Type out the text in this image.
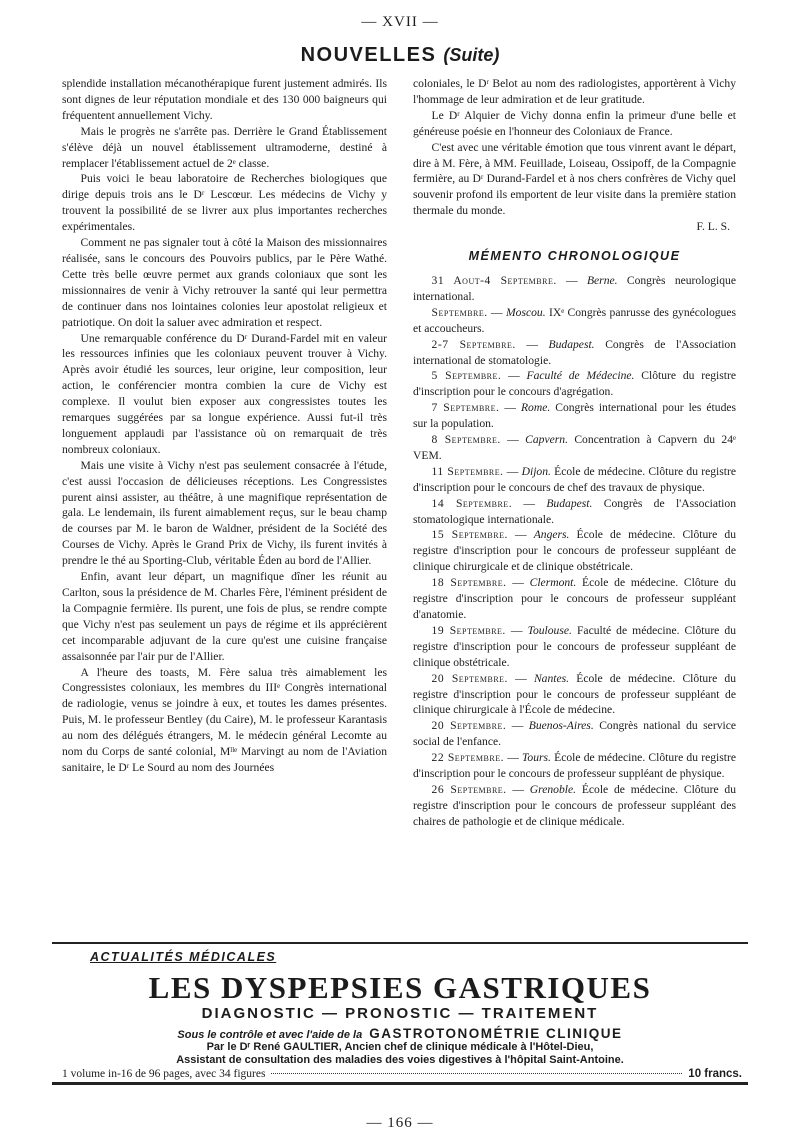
— XVII —
NOUVELLES (Suite)

splendide installation mécanothérapique furent justement admirés. Ils sont dignes de leur réputation mondiale et des 130 000 baigneurs qui fréquentent annuellement Vichy.

Mais le progrès ne s'arrête pas. Derrière le Grand Établissement s'élève déjà un nouvel établissement ultramoderne, destiné à remplacer l'établissement actuel de 2ᵉ classe.

Puis voici le beau laboratoire de Recherches biologiques que dirige depuis trois ans le Dʳ Lescœur. Les médecins de Vichy y trouvent la possibilité de se livrer aux plus importantes recherches expérimentales.

Comment ne pas signaler tout à côté la Maison des missionnaires réalisée, sans le concours des Pouvoirs publics, par le Père Wathé. Cette très belle œuvre permet aux grands coloniaux que sont les missionnaires de venir à Vichy retrouver la santé qui leur permettra de continuer dans nos lointaines colonies leur apostolat religieux et patriotique. On doit la saluer avec admiration et respect.

Une remarquable conférence du Dʳ Durand-Fardel mit en valeur les ressources infinies que les coloniaux peuvent trouver à Vichy. Après avoir étudié les sources, leur origine, leur composition, leur action, le conférencier montra combien la cure de Vichy est complexe. Il voulut bien exposer aux congressistes toutes les remarques suggérées par sa longue expérience. Aussi fut-il très longuement applaudi par l'assistance où on remarquait de très nombreux coloniaux.

Mais une visite à Vichy n'est pas seulement consacrée à l'étude, c'est aussi l'occasion de délicieuses réceptions. Les Congressistes purent ainsi assister, au théâtre, à une magnifique représentation de gala. Le lendemain, ils furent aimablement reçus, sur le beau champ de courses par M. le baron de Waldner, président de la Société des Courses de Vichy. Après le Grand Prix de Vichy, ils furent invités à prendre le thé au Sporting-Club, véritable Éden au bord de l'Allier.

Enfin, avant leur départ, un magnifique dîner les réunit au Carlton, sous la présidence de M. Charles Fère, l'éminent président de la Compagnie fermière. Ils purent, une fois de plus, se rendre compte que Vichy n'est pas seulement un pays de régime et ils apprécièrent cet incomparable adjuvant de la cure qu'est une cuisine française assaisonnée par l'air pur de l'Allier.

A l'heure des toasts, M. Fère salua très aimablement les Congressistes coloniaux, les membres du IIIᵉ Congrès international de radiologie, venus se joindre à eux, et toutes les dames présentes. Puis, M. le professeur Bentley (du Caire), M. le professeur Karantasis au nom des délégués étrangers, M. le médecin général Lecomte au nom du Corps de santé colonial, Mˡˡᵉ Marvingt au nom de l'Aviation sanitaire, le Dʳ Le Sourd au nom des Journées

coloniales, le Dʳ Belot au nom des radiologistes, apportèrent à Vichy l'hommage de leur admiration et de leur gratitude.

Le Dʳ Alquier de Vichy donna enfin la primeur d'une belle et généreuse poésie en l'honneur des Coloniaux de France.

C'est avec une véritable émotion que tous vinrent avant le départ, dire à M. Fère, à MM. Feuillade, Loiseau, Ossipoff, de la Compagnie fermière, au Dʳ Durand-Fardel et à nos chers confrères de Vichy quel souvenir profond ils emportent de leur visite dans la première station thermale du monde.
F. L. S.

MÉMENTO CHRONOLOGIQUE

31 Aout-4 Septembre. — Berne. Congrès neurologique international.

Septembre. — Moscou. IXᵉ Congrès panrusse des gynécologues et accoucheurs.

2-7 Septembre. — Budapest. Congrès de l'Association international de stomatologie.

5 Septembre. — Faculté de Médecine. Clôture du registre d'inscription pour le concours d'agrégation.

7 Septembre. — Rome. Congrès international pour les études sur la population.

8 Septembre. — Capvern. Concentration à Capvern du 24ᵉ VEM.

11 Septembre. — Dijon. École de médecine. Clôture du registre d'inscription pour le concours de chef des travaux de physique.

14 Septembre. — Budapest. Congrès de l'Association stomatologique internationale.

15 Septembre. — Angers. École de médecine. Clôture du registre d'inscription pour le concours de professeur suppléant de clinique chirurgicale et de clinique obstétricale.

18 Septembre. — Clermont. École de médecine. Clôture du registre d'inscription pour le concours de professeur suppléant d'anatomie.

19 Septembre. — Toulouse. Faculté de médecine. Clôture du registre d'inscription pour le concours de professeur suppléant de clinique obstétricale.

20 Septembre. — Nantes. École de médecine. Clôture du registre d'inscription pour le concours de professeur suppléant de clinique chirurgicale à l'École de médecine.

20 Septembre. — Buenos-Aires. Congrès national du service social de l'enfance.

22 Septembre. — Tours. École de médecine. Clôture du registre d'inscription pour le concours de professeur suppléant de physique.

26 Septembre. — Grenoble. École de médecine. Clôture du registre d'inscription pour le concours de professeur suppléant des chaires de pathologie et de clinique médicale.

ACTUALITÉS MÉDICALES
LES DYSPEPSIES GASTRIQUES
DIAGNOSTIC — PRONOSTIC — TRAITEMENT
Sous le contrôle et avec l'aide de la GASTROTONOMÉTRIE CLINIQUE
Par le Dʳ René GAULTIER, Ancien chef de clinique médicale à l'Hôtel-Dieu,
Assistant de consultation des maladies des voies digestives à l'hôpital Saint-Antoine.
1 volume in-16 de 96 pages, avec 34 figures	10 francs.
— 166 —
